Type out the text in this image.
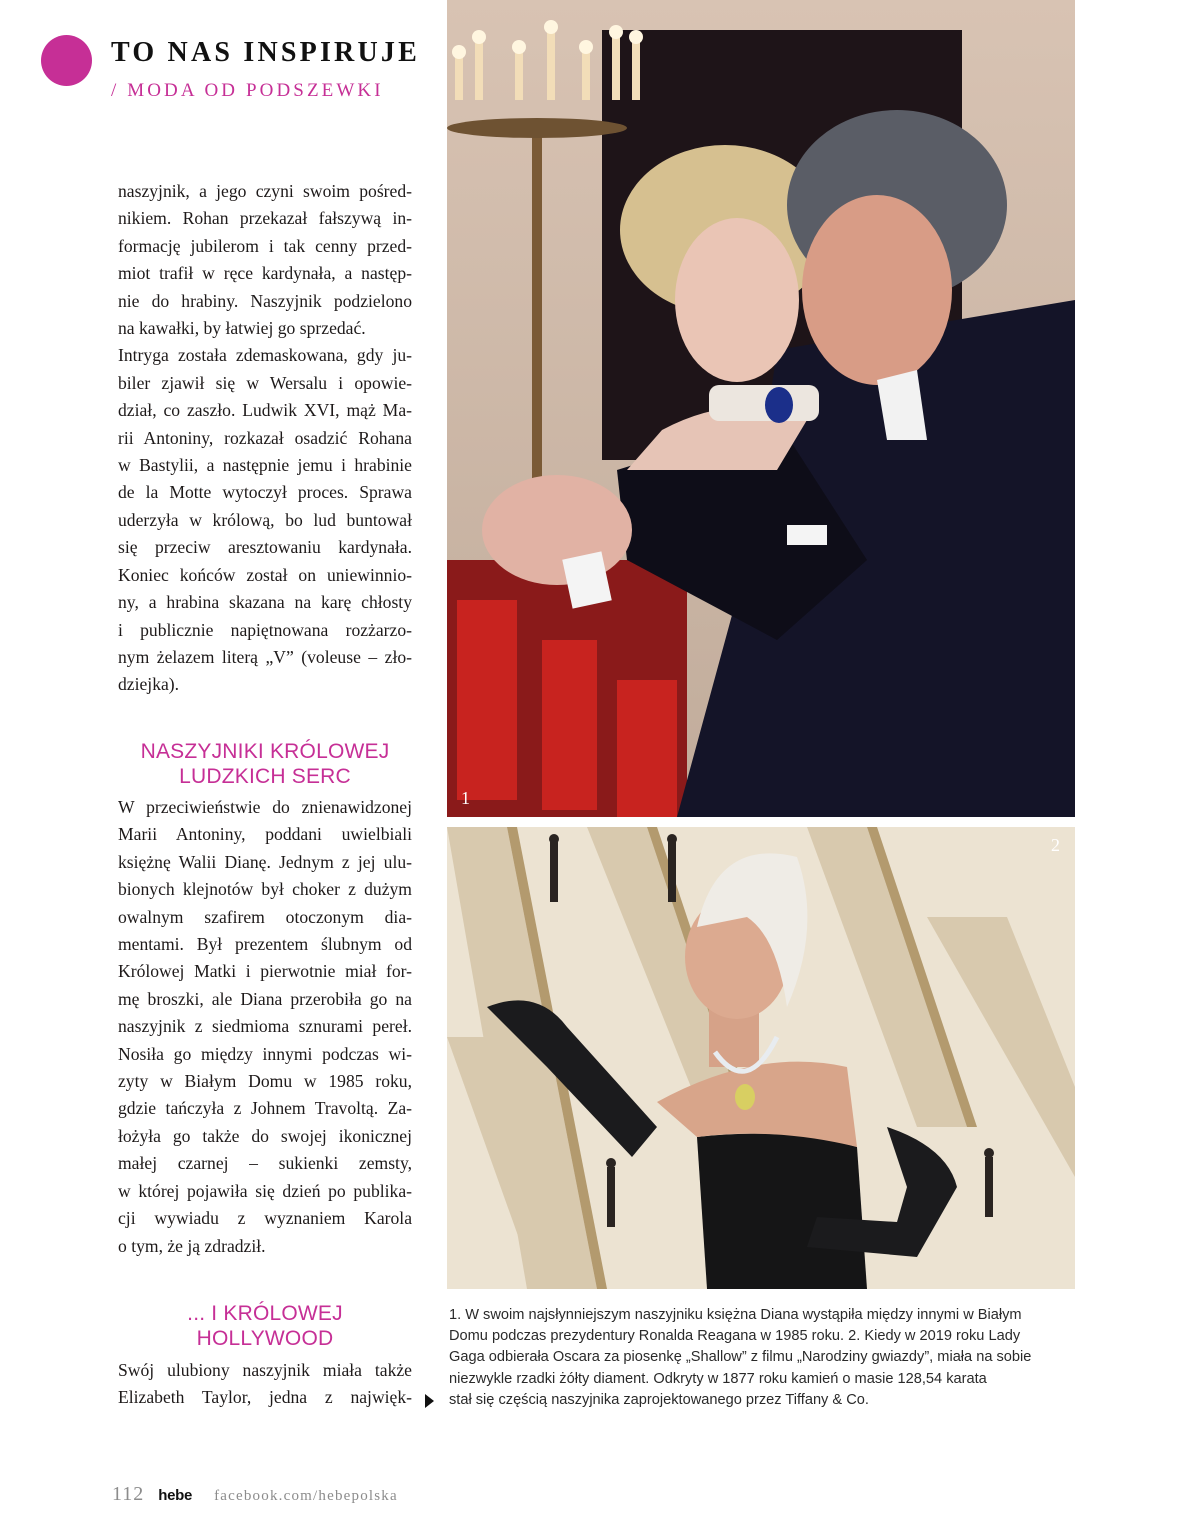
TO NAS INSPIRUJE
/ MODA OD PODSZEWKI
naszyjnik, a jego czyni swoim pośred-
nikiem. Rohan przekazał fałszywą in-
formację jubilerom i tak cenny przed-
miot trafił w ręce kardynała, a następ-
nie do hrabiny. Naszyjnik podzielono
na kawałki, by łatwiej go sprzedać.
Intryga została zdemaskowana, gdy ju-
biler zjawił się w Wersalu i opowie-
dział, co zaszło. Ludwik XVI, mąż Ma-
rii Antoniny, rozkazał osadzić Rohana
w Bastylii, a następnie jemu i hrabinie
de la Motte wytoczył proces. Sprawa
uderzyła w królową, bo lud buntował
się przeciw aresztowaniu kardynała.
Koniec końców został on uniewinnio-
ny, a hrabina skazana na karę chłosty
i publicznie napiętnowana rozżarzo-
nym żelazem literą „V” (voleuse – zło-
dziejka).
NASZYJNIKI KRÓLOWEJ
LUDZKICH SERC
W przeciwieństwie do znienawidzonej
Marii Antoniny, poddani uwielbiali
księżnę Walii Dianę. Jednym z jej ulu-
bionych klejnotów był choker z dużym
owalnym szafirem otoczonym dia-
mentami. Był prezentem ślubnym od
Królowej Matki i pierwotnie miał for-
mę broszki, ale Diana przerobiła go na
naszyjnik z siedmioma sznurami pereł.
Nosiła go między innymi podczas wi-
zyty w Białym Domu w 1985 roku,
gdzie tańczyła z Johnem Travoltą. Za-
łożyła go także do swojej ikonicznej
małej czarnej – sukienki zemsty,
w której pojawiła się dzień po publika-
cji wywiadu z wyznaniem Karola
o tym, że ją zdradził.
... I KRÓLOWEJ
HOLLYWOOD
Swój ulubiony naszyjnik miała także
Elizabeth Taylor, jedna z najwięk-
1
2
1. W swoim najsłynniejszym naszyjniku księżna Diana wystąpiła między innymi w Białym
Domu podczas prezydentury Ronalda Reagana w 1985 roku. 2. Kiedy w 2019 roku Lady
Gaga odbierała Oscara za piosenkę „Shallow” z filmu „Narodziny gwiazdy”, miała na sobie
niezwykle rzadki żółty diament. Odkryty w 1877 roku kamień o masie 128,54 karata
stał się częścią naszyjnika zaprojektowanego przez Tiffany & Co.
112 hebe facebook.com/hebepolska
